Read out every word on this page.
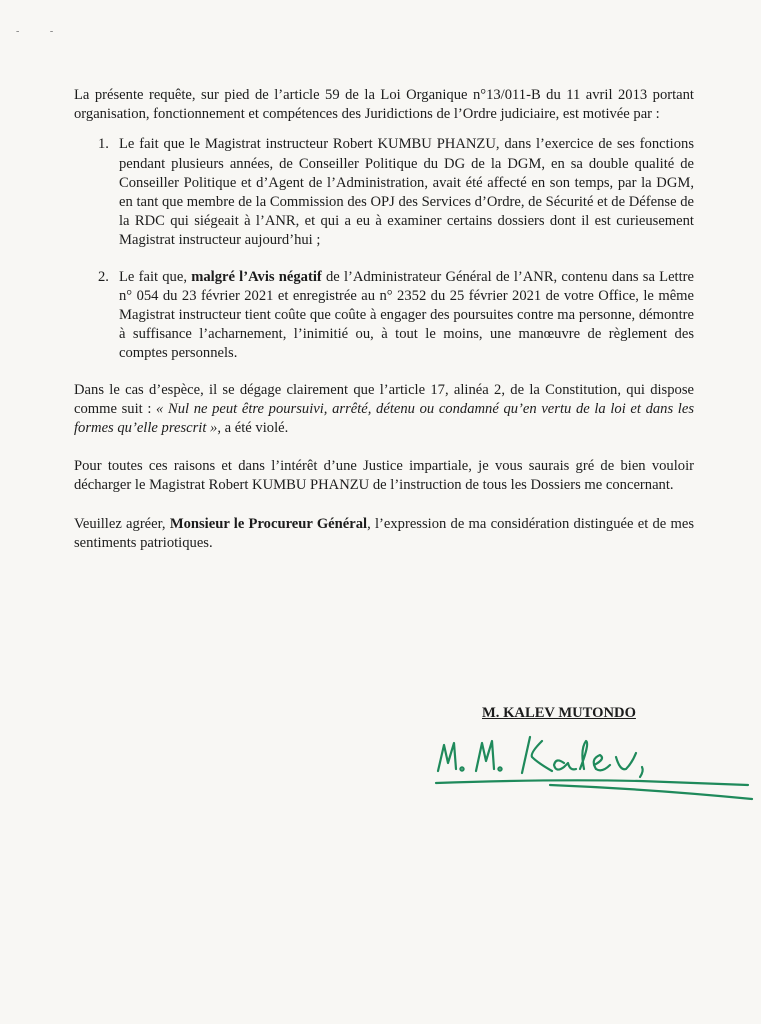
- -

La présente requête, sur pied de l’article 59 de la Loi Organique n°13/011-B du 11 avril 2013 portant organisation, fonctionnement et compétences des Juridictions de l’Ordre judiciaire, est motivée par :

1. Le fait que le Magistrat instructeur Robert KUMBU PHANZU, dans l’exercice de ses fonctions pendant plusieurs années, de Conseiller Politique du DG de la DGM, en sa double qualité de Conseiller Politique et d’Agent de l’Administration, avait été affecté en son temps, par la DGM, en tant que membre de la Commission des OPJ des Services d’Ordre, de Sécurité et de Défense de la RDC qui siégeait à l’ANR, et qui a eu à examiner certains dossiers dont il est curieusement Magistrat instructeur aujourd’hui ;
2. Le fait que, malgré l’Avis négatif de l’Administrateur Général de l’ANR, contenu dans sa Lettre n° 054 du 23 février 2021 et enregistrée au n° 2352 du 25 février 2021 de votre Office, le même Magistrat instructeur tient coûte que coûte à engager des poursuites contre ma personne, démontre à suffisance l’acharnement, l’inimitié ou, à tout le moins, une manœuvre de règlement des comptes personnels.

Dans le cas d’espèce, il se dégage clairement que l’article 17, alinéa 2, de la Constitution, qui dispose comme suit : « Nul ne peut être poursuivi, arrêté, détenu ou condamné qu’en vertu de la loi et dans les formes qu’elle prescrit », a été violé.

Pour toutes ces raisons et dans l’intérêt d’une Justice impartiale, je vous saurais gré de bien vouloir décharger le Magistrat Robert KUMBU PHANZU de l’instruction de tous les Dossiers me concernant.

Veuillez agréer, Monsieur le Procureur Général, l’expression de ma considération distinguée et de mes sentiments patriotiques.

M. KALEV MUTONDO
M. M. Kalev,
